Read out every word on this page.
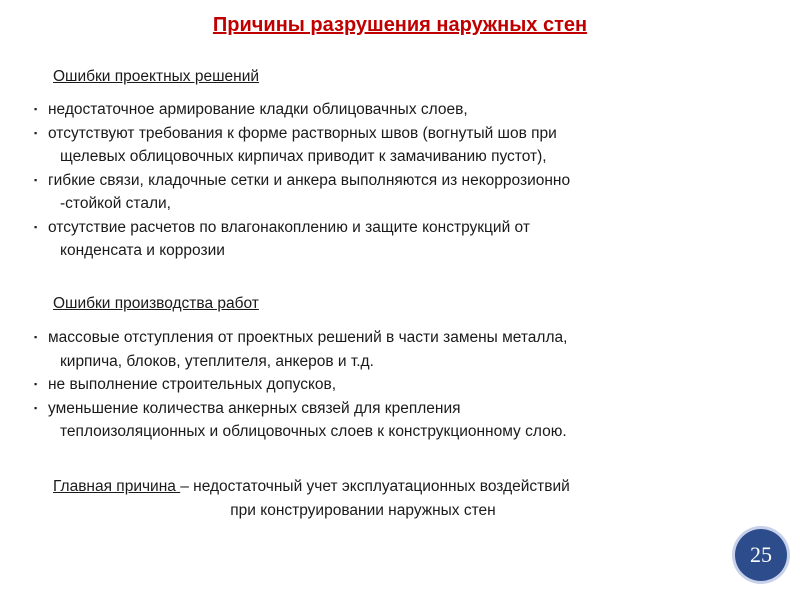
Причины разрушения наружных стен
Ошибки проектных решений

▪ недостаточное армирование кладки облицовачных слоев,

▪ отсутствуют требования к форме растворных швов (вогнутый шов при
щелевых облицовочных кирпичах приводит к замачиванию пустот),

▪ гибкие связи, кладочные сетки и анкера выполняются из некоррозионно
-стойкой стали,

▪ отсутствие расчетов по влагонакоплению и защите конструкций от
конденсата и коррозии

Ошибки производства работ

▪ массовые отступления от проектных решений в части замены металла,
кирпича, блоков, утеплителя, анкеров и т.д.

▪ не выполнение строительных допусков,

▪ уменьшение количества анкерных связей для крепления
теплоизоляционных и облицовочных слоев к конструкционному слою.

Главная причина – недостаточный учет эксплуатационных воздействий
при конструировании наружных стен
25
